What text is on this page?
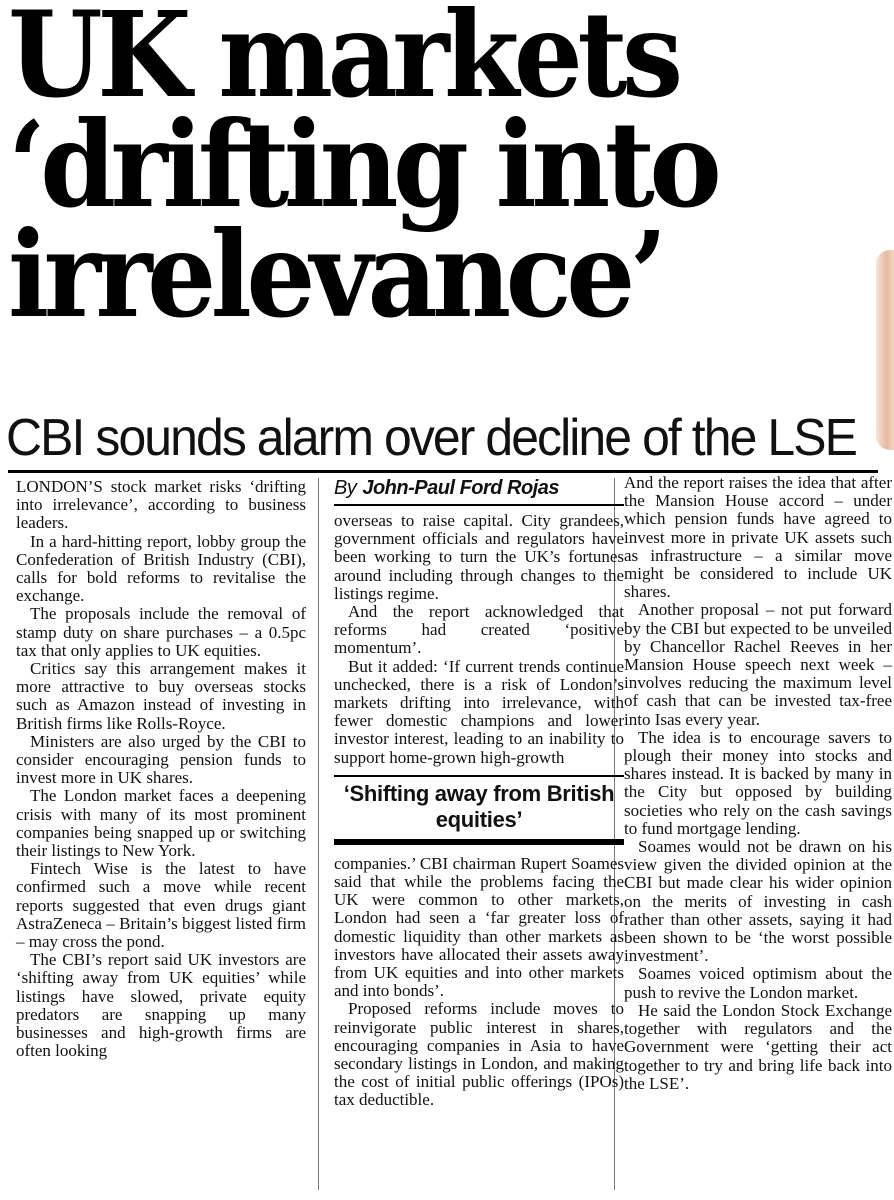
UK markets
‘drifting into
irrelevance’
CBI sounds alarm over decline of the LSE

LONDON’S stock market risks ‘drifting into irrelevance’, according to business leaders.

In a hard-hitting report, lobby group the Confederation of British Industry (CBI), calls for bold reforms to revitalise the exchange.

The proposals include the removal of stamp duty on share purchases – a 0.5pc tax that only applies to UK equities.

Critics say this arrangement makes it more attractive to buy overseas stocks such as Amazon instead of investing in British firms like Rolls-Royce.

Ministers are also urged by the CBI to consider encouraging pension funds to invest more in UK shares.

The London market faces a deepening crisis with many of its most prominent companies being snapped up or switching their listings to New York.

Fintech Wise is the latest to have confirmed such a move while recent reports suggested that even drugs giant AstraZeneca – Britain’s biggest listed firm – may cross the pond.

The CBI’s report said UK investors are ‘shifting away from UK equities’ while listings have slowed, private equity predators are snapping up many businesses and high-growth firms are often looking

By John-Paul Ford Rojas

overseas to raise capital. City grandees, government officials and regulators have been working to turn the UK’s fortunes around including through changes to the listings regime.

And the report acknowledged that reforms had created ‘positive momentum’.

But it added: ‘If current trends continue unchecked, there is a risk of London’s markets drifting into irrelevance, with fewer domestic champions and lower investor interest, leading to an inability to support home-grown high-growth

‘Shifting away from British equities’

companies.’ CBI chairman Rupert Soames said that while the problems facing the UK were common to other markets, London had seen a ‘far greater loss of domestic liquidity than other markets as investors have allocated their assets away from UK equities and into other markets and into bonds’.

Proposed reforms include moves to reinvigorate public interest in shares, encouraging companies in Asia to have secondary listings in London, and making the cost of initial public offerings (IPOs) tax deductible.

And the report raises the idea that after the Mansion House accord – under which pension funds have agreed to invest more in private UK assets such as infrastructure – a similar move might be considered to include UK shares.

Another proposal – not put forward by the CBI but expected to be unveiled by Chancellor Rachel Reeves in her Mansion House speech next week – involves reducing the maximum level of cash that can be invested tax-free into Isas every year.

The idea is to encourage savers to plough their money into stocks and shares instead. It is backed by many in the City but opposed by building societies who rely on the cash savings to fund mortgage lending.

Soames would not be drawn on his view given the divided opinion at the CBI but made clear his wider opinion on the merits of investing in cash rather than other assets, saying it had been shown to be ‘the worst possible investment’.

Soames voiced optimism about the push to revive the London market.

He said the London Stock Exchange together with regulators and the Government were ‘getting their act together to try and bring life back into the LSE’.
